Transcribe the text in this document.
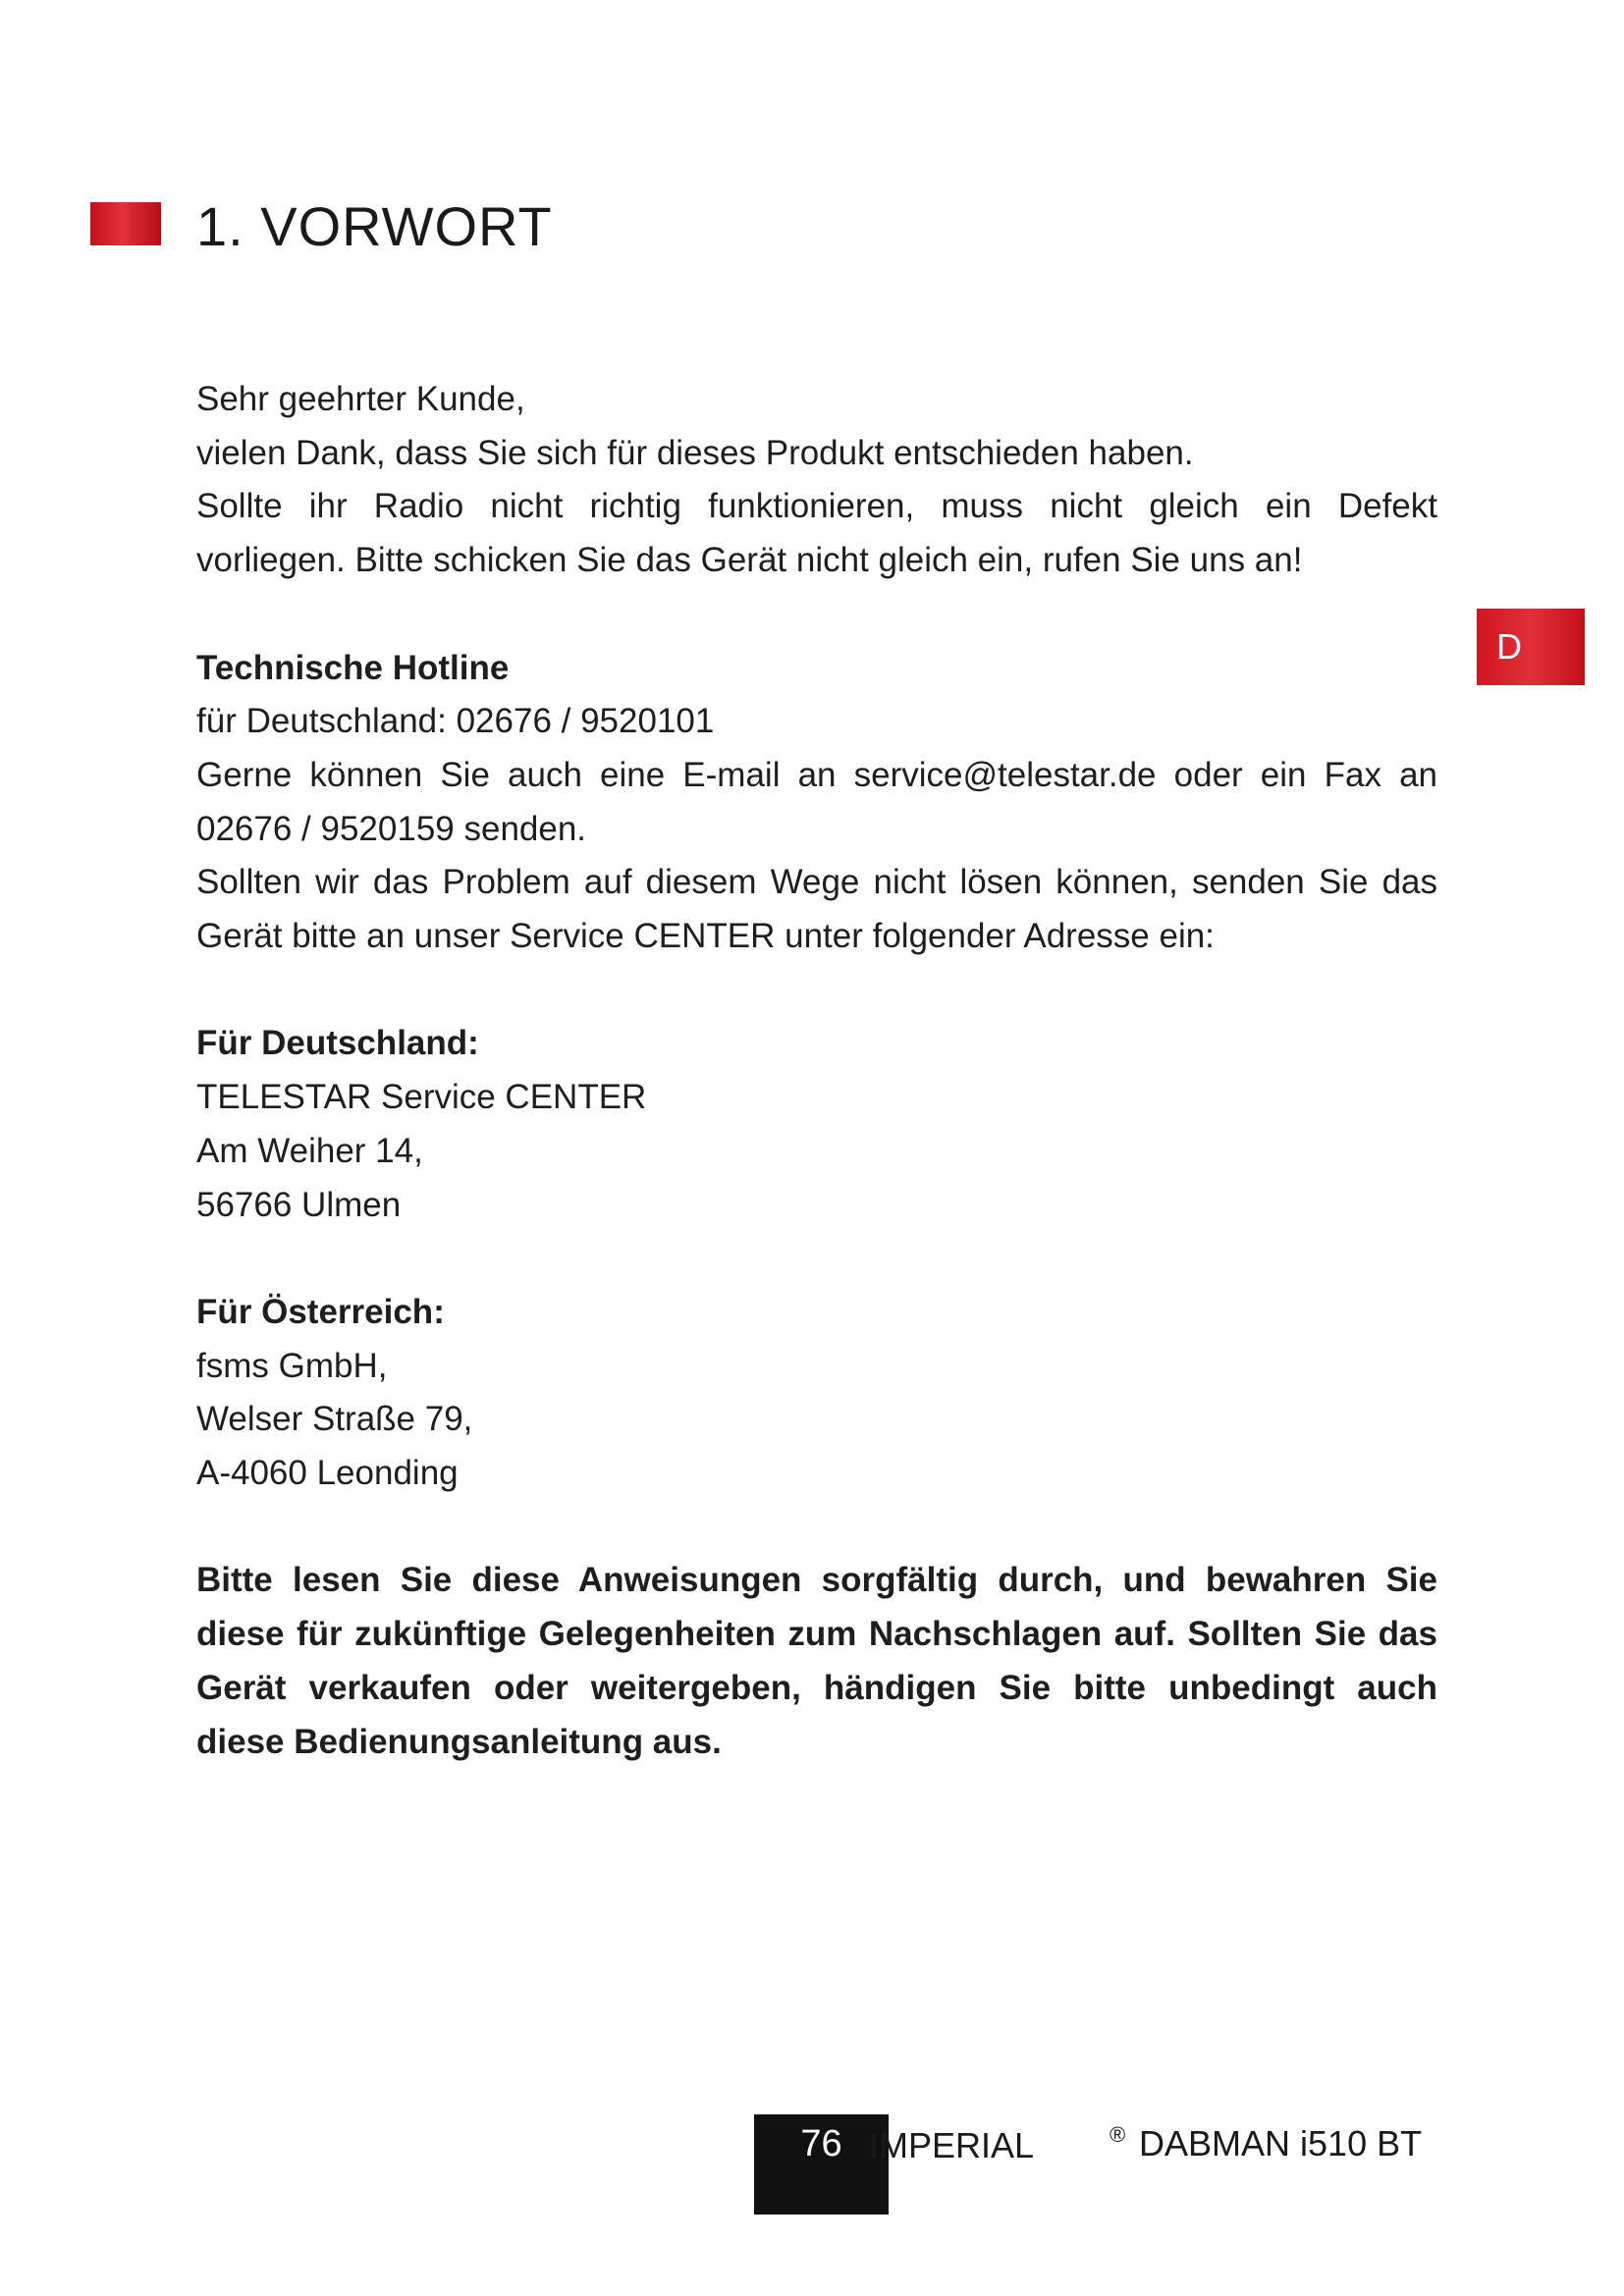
1. VORWORT
D

Sehr geehrter Kunde,
vielen Dank, dass Sie sich für dieses Produkt entschieden haben.
Sollte ihr Radio nicht richtig funktionieren, muss nicht gleich ein Defekt
vorliegen. Bitte schicken Sie das Gerät nicht gleich ein, rufen Sie uns an!

Technische Hotline
für Deutschland: 02676 / 9520101
Gerne können Sie auch eine E-mail an service@telestar.de oder ein Fax an
02676 / 9520159 senden.
Sollten wir das Problem auf diesem Wege nicht lösen können, senden Sie das
Gerät bitte an unser Service CENTER unter folgender Adresse ein:

Für Deutschland:
TELESTAR Service CENTER
Am Weiher 14,
56766 Ulmen

Für Österreich:
fsms GmbH,
Welser Straße 79,
A-4060 Leonding

Bitte lesen Sie diese Anweisungen sorgfältig durch, und bewahren Sie
diese für zukünftige Gelegenheiten zum Nachschlagen auf. Sollten Sie das
Gerät verkaufen oder weitergeben, händigen Sie bitte unbedingt auch
diese Bedienungsanleitung aus.

IMPERIAL
76	® DABMAN i510 BT
